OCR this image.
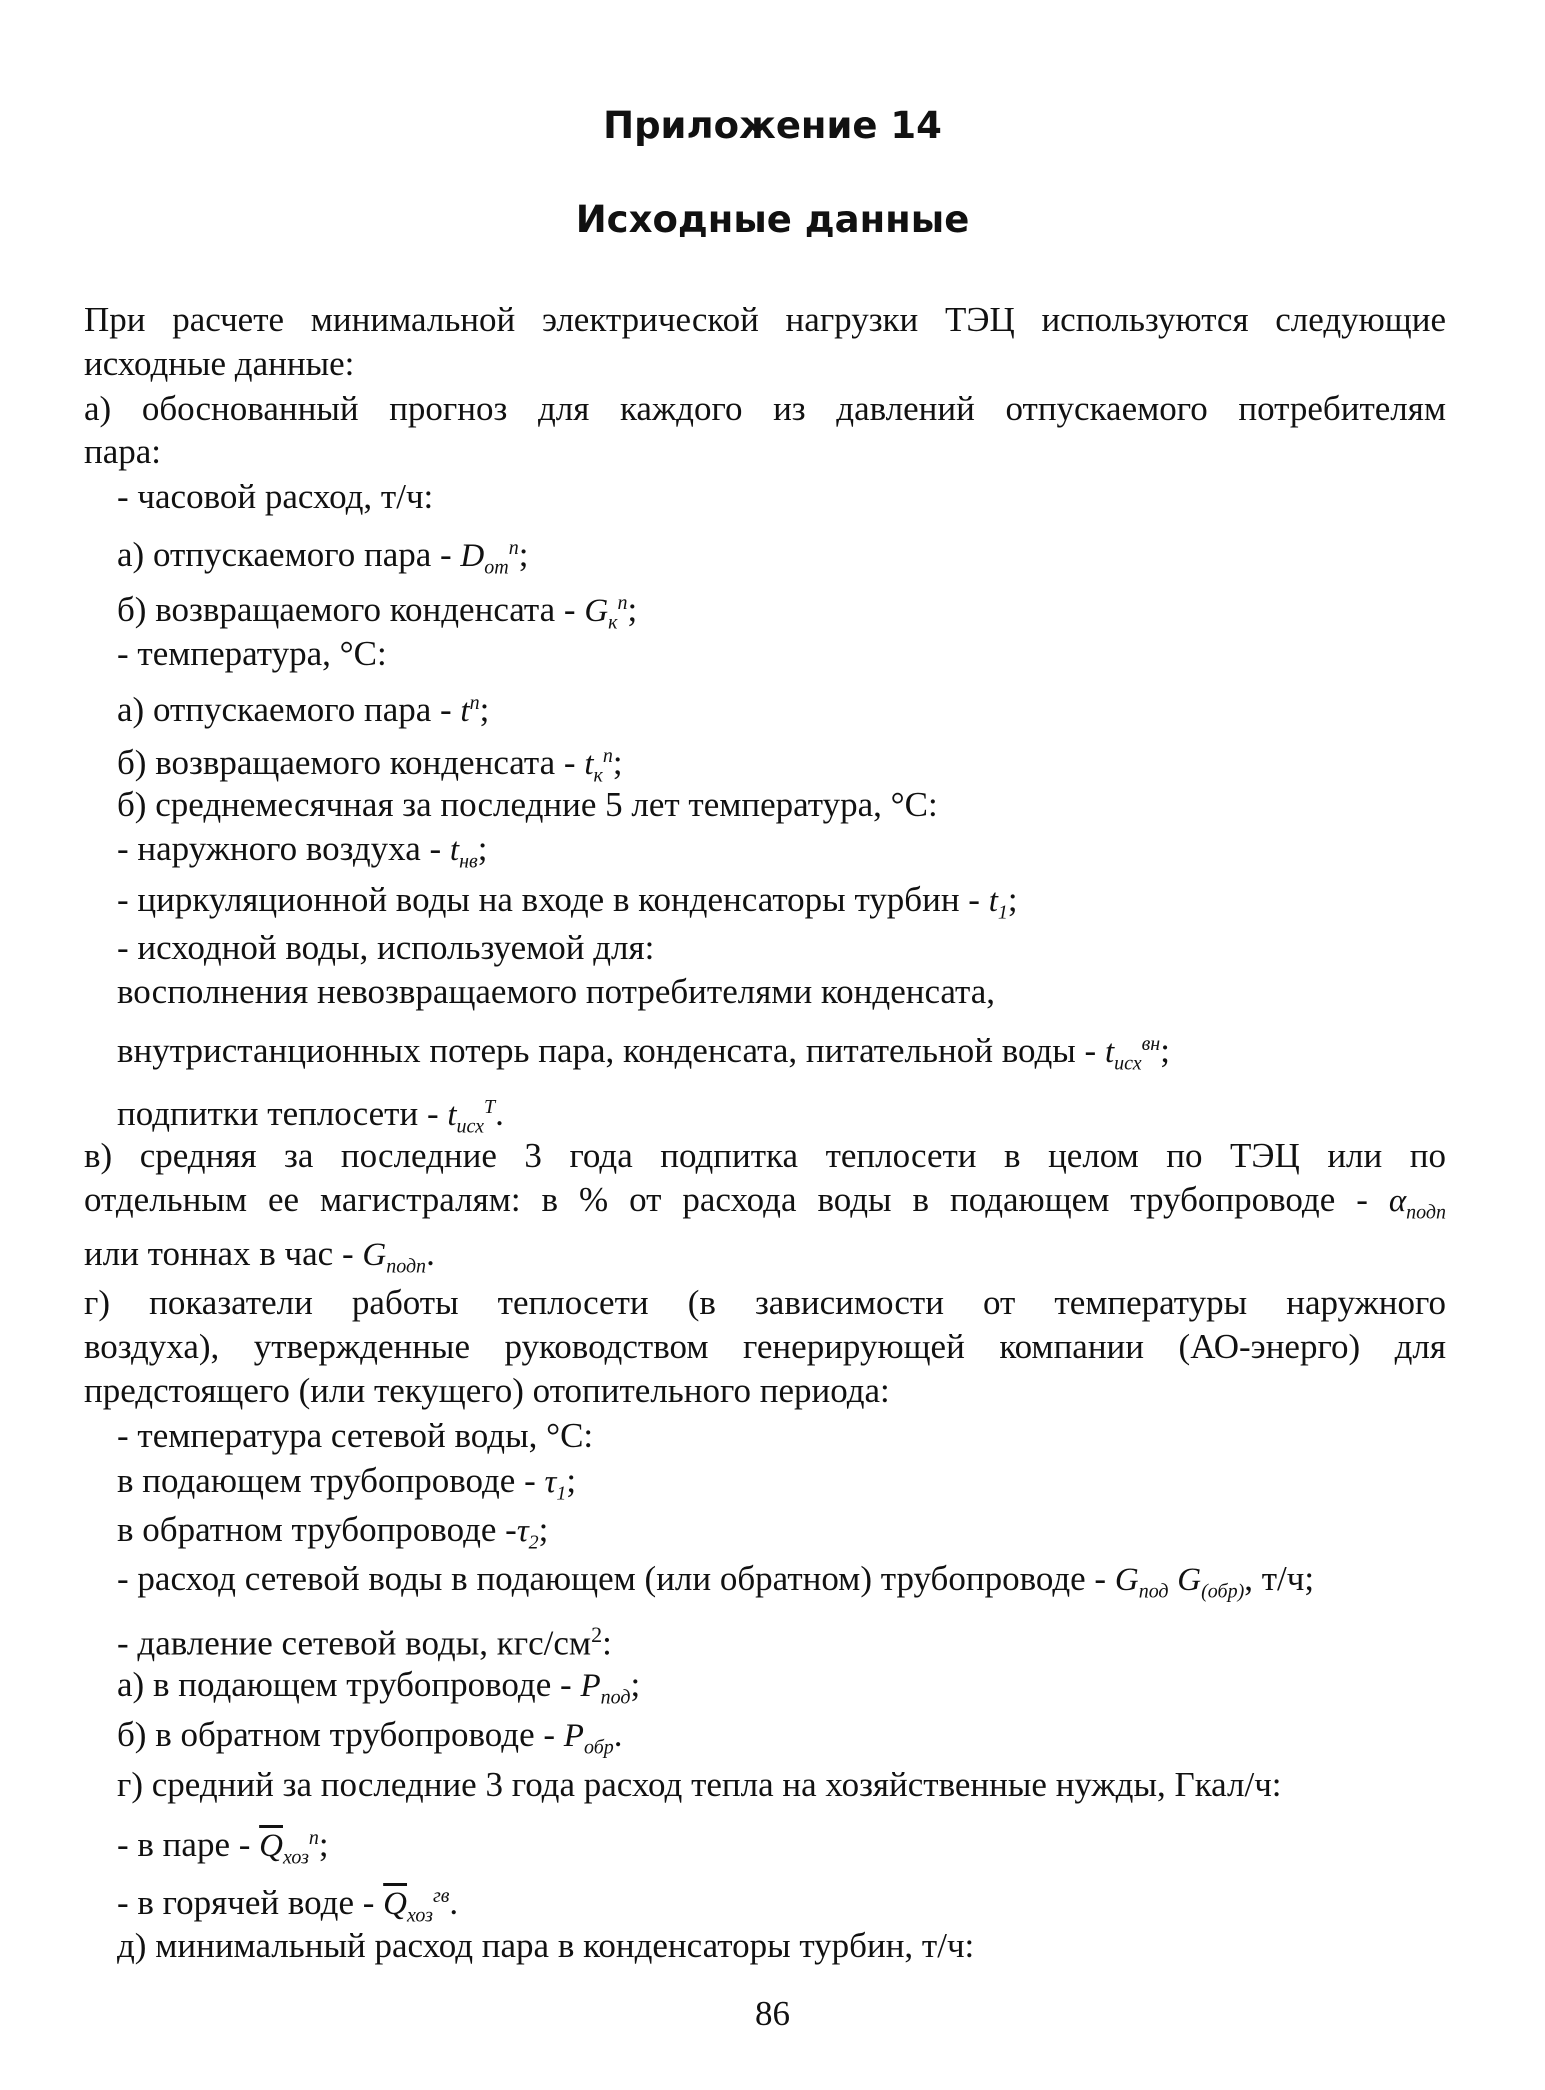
Приложение 14
Исходные данные
При расчете минимальной электрической нагрузки ТЭЦ используются следующие
исходные данные:
а) обоснованный прогноз для каждого из давлений отпускаемого потребителям
пара:
- часовой расход, т/ч:
а) отпускаемого пара - $D_{от}^п$;
б) возвращаемого конденсата - $G_к^п$;
- температура, °С:
а) отпускаемого пара - $t^п$;
б) возвращаемого конденсата - $t_к^п$;
б) среднемесячная за последние 5 лет температура, °С:
- наружного воздуха - $t_{нв}$;
- циркуляционной воды на входе в конденсаторы турбин - $t_1$;
- исходной воды, используемой для:
восполнения невозвращаемого потребителями конденсата,
внутристанционных потерь пара, конденсата, питательной воды - $t_{исх}^{вн}$;
подпитки теплосети - $t_{исх}^T$.
в) средняя за последние 3 года подпитка теплосети в целом по ТЭЦ или по
отдельным ее магистралям: в % от расхода воды в подающем трубопроводе - $\alpha_{подп}$
или тоннах в час - $G_{подп}$.
г) показатели работы теплосети (в зависимости от температуры наружного
воздуха), утвержденные руководством генерирующей компании (АО-энерго) для
предстоящего (или текущего) отопительного периода:
- температура сетевой воды, °С:
в подающем трубопроводе - $\tau_1$;
в обратном трубопроводе $-\tau_2$;
- расход сетевой воды в подающем (или обратном) трубопроводе - $G_{под}$ $G_{(обр)}$, т/ч;
- давление сетевой воды, кгс/$см^2$:
а) в подающем трубопроводе - $P_{под}$;
б) в обратном трубопроводе - $P_{обр}$.
г) средний за последние 3 года расход тепла на хозяйственные нужды, Гкал/ч:
- в паре - $\overline{Q}_{хоз}^п$;
- в горячей воде - $\overline{Q}_{хоз}^{гв}$.
д) минимальный расход пара в конденсаторы турбин, т/ч:
86
